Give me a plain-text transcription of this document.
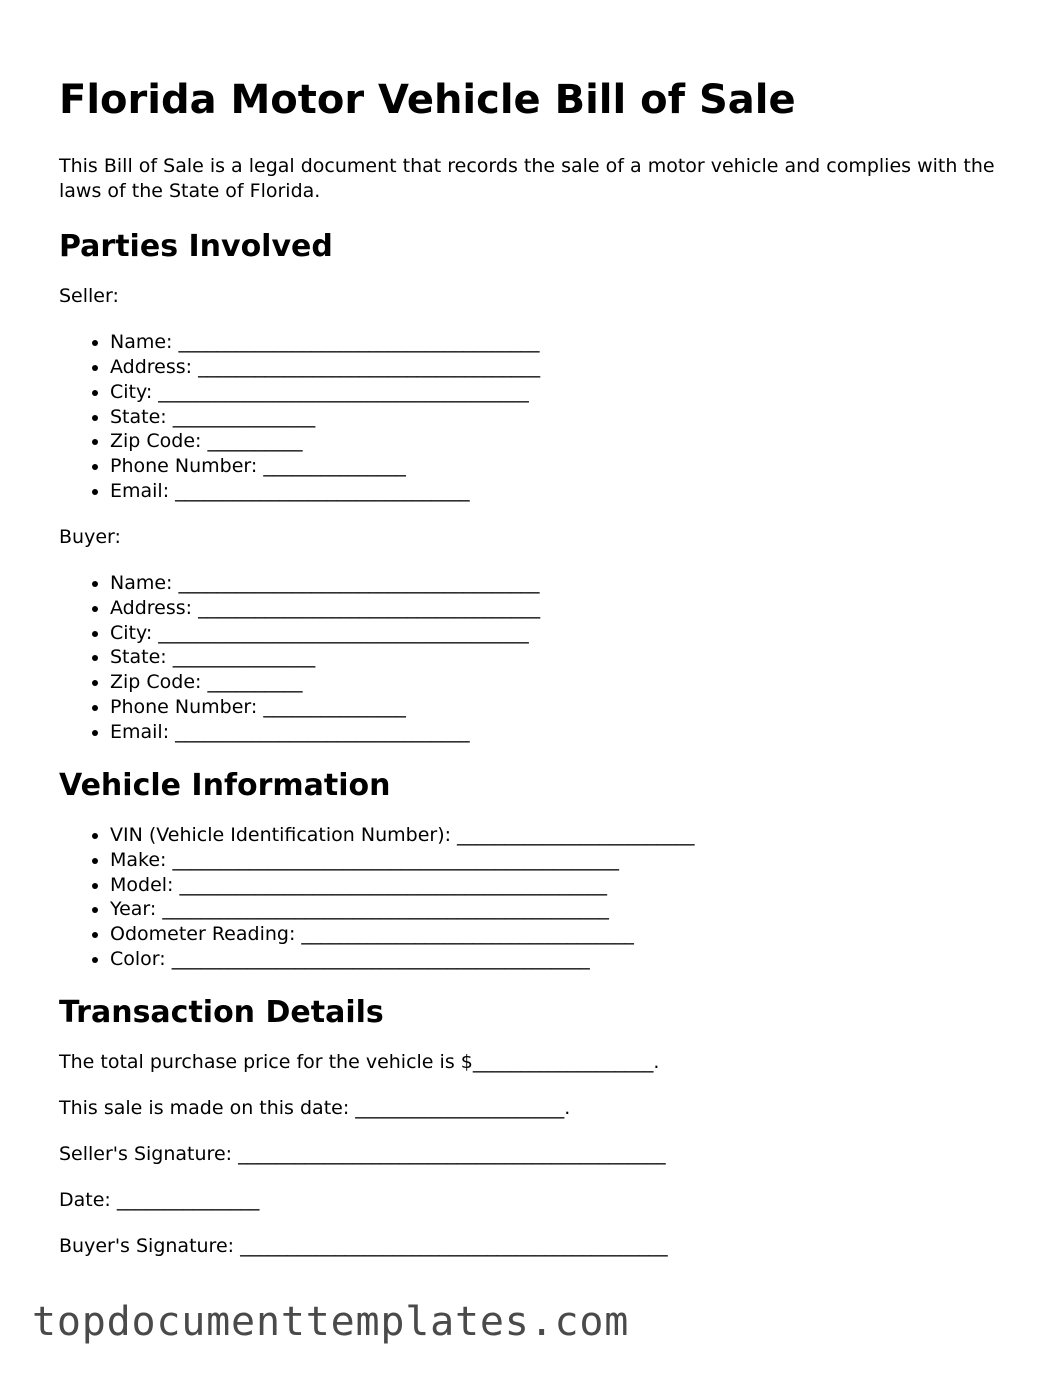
Florida Motor Vehicle Bill of Sale

This Bill of Sale is a legal document that records the sale of a motor vehicle and complies with the laws of the State of Florida.

Parties Involved

Seller:

• Name: ______________________________________
• Address: ____________________________________
• City: _______________________________________
• State: _______________
• Zip Code: __________
• Phone Number: _______________
• Email: _______________________________

Buyer:

• Name: ______________________________________
• Address: ____________________________________
• City: _______________________________________
• State: _______________
• Zip Code: __________
• Phone Number: _______________
• Email: _______________________________
Vehicle Information
• VIN (Vehicle Identification Number): _________________________
• Make: _______________________________________________
• Model: _____________________________________________
• Year: _______________________________________________
• Odometer Reading: ___________________________________
• Color: ____________________________________________
Transaction Details

The total purchase price for the vehicle is $___________________.

This sale is made on this date: ______________________.

Seller's Signature: _____________________________________________

Date: _______________

Buyer's Signature: _____________________________________________

topdocumenttemplates.com
